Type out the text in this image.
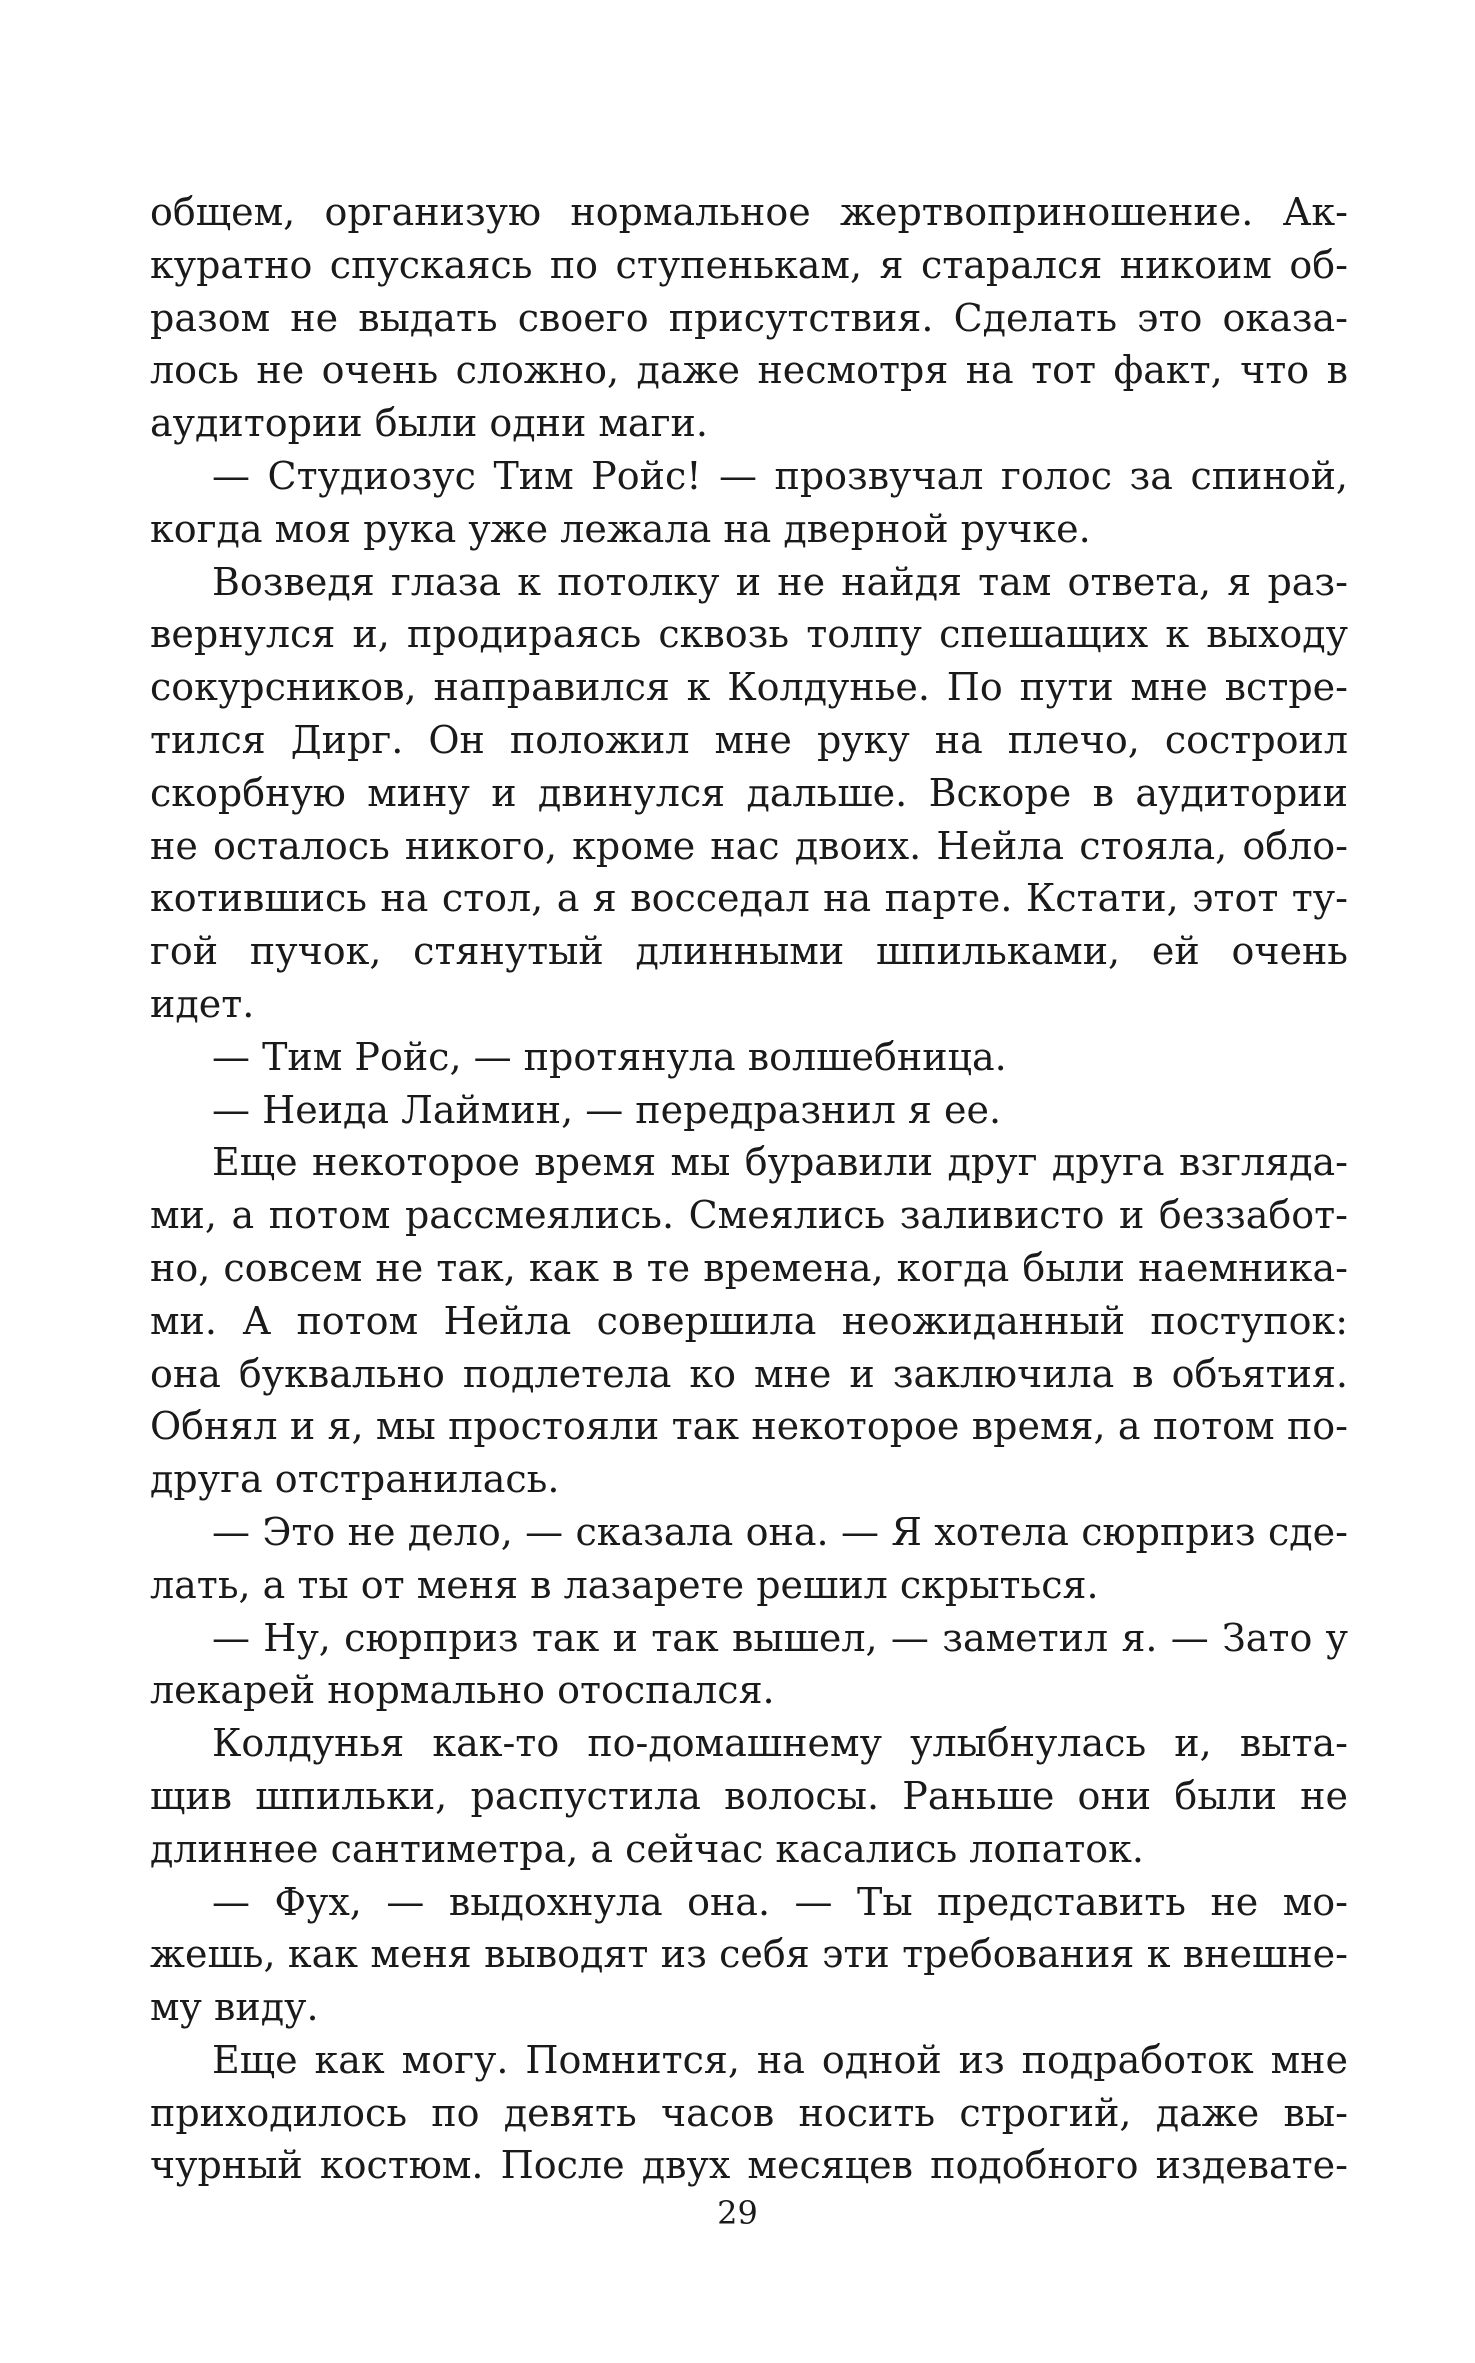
общем, организую нормальное жертвоприношение. Ак-
куратно спускаясь по ступенькам, я старался никоим об-
разом не выдать своего присутствия. Сделать это оказа-
лось не очень сложно, даже несмотря на тот факт, что в
аудитории были одни маги.
— Студиозус Тим Ройс! — прозвучал голос за спиной,
когда моя рука уже лежала на дверной ручке.
Возведя глаза к потолку и не найдя там ответа, я раз-
вернулся и, продираясь сквозь толпу спешащих к выходу
сокурсников, направился к Колдунье. По пути мне встре-
тился Дирг. Он положил мне руку на плечо, состроил
скорбную мину и двинулся дальше. Вскоре в аудитории
не осталось никого, кроме нас двоих. Нейла стояла, обло-
котившись на стол, а я восседал на парте. Кстати, этот ту-
гой пучок, стянутый длинными шпильками, ей очень
идет.
— Тим Ройс, — протянула волшебница.
— Неида Лаймин, — передразнил я ее.
Еще некоторое время мы буравили друг друга взгляда-
ми, а потом рассмеялись. Смеялись заливисто и беззабот-
но, совсем не так, как в те времена, когда были наемника-
ми. А потом Нейла совершила неожиданный поступок:
она буквально подлетела ко мне и заключила в объятия.
Обнял и я, мы простояли так некоторое время, а потом по-
друга отстранилась.
— Это не дело, — сказала она. — Я хотела сюрприз сде-
лать, а ты от меня в лазарете решил скрыться.
— Ну, сюрприз так и так вышел, — заметил я. — Зато у
лекарей нормально отоспался.
Колдунья как-то по-домашнему улыбнулась и, выта-
щив шпильки, распустила волосы. Раньше они были не
длиннее сантиметра, а сейчас касались лопаток.
— Фух, — выдохнула она. — Ты представить не мо-
жешь, как меня выводят из себя эти требования к внешне-
му виду.
Еще как могу. Помнится, на одной из подработок мне
приходилось по девять часов носить строгий, даже вы-
чурный костюм. После двух месяцев подобного издевате-
29
